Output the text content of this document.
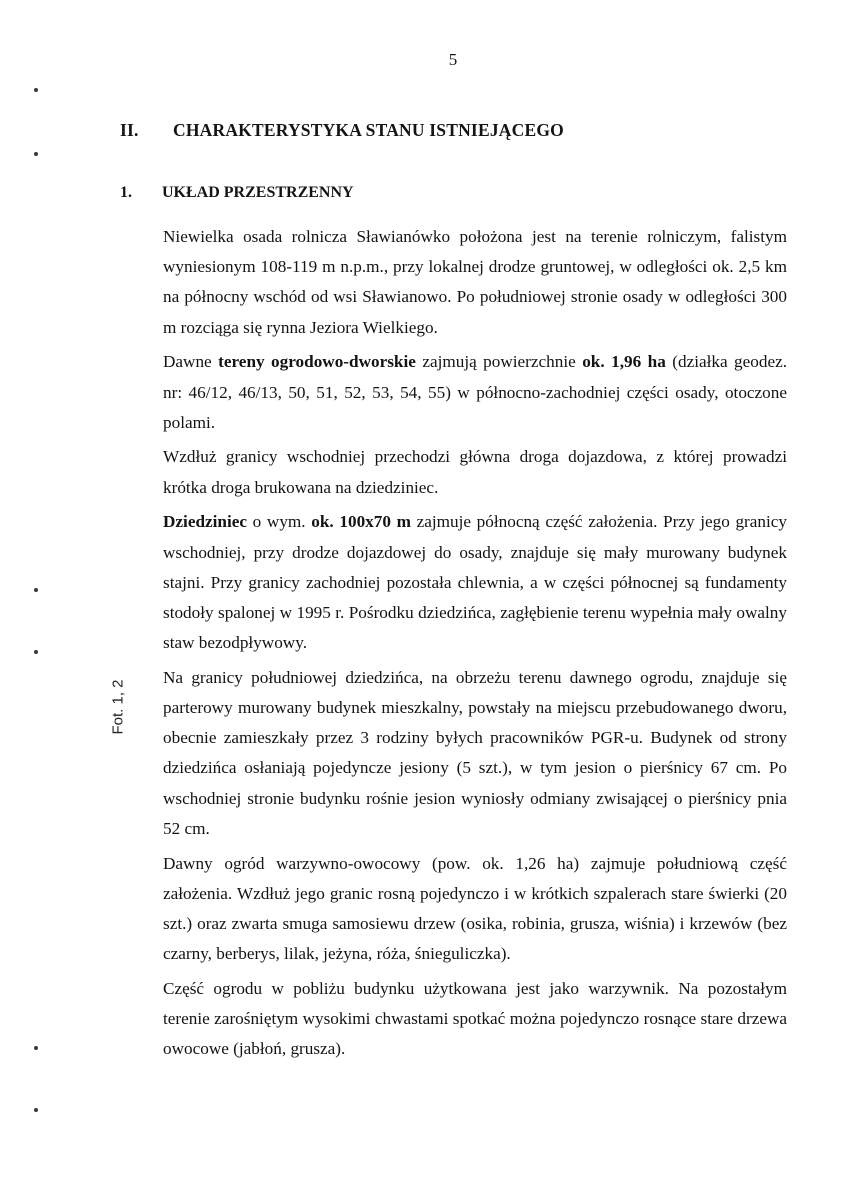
5
II. CHARAKTERYSTYKA STANU ISTNIEJĄCEGO
1. UKŁAD PRZESTRZENNY
Fot. 1, 2

Niewielka osada rolnicza Sławianówko położona jest na terenie rolniczym, falistym wyniesionym 108-119 m n.p.m., przy lokalnej drodze gruntowej, w odległości ok. 2,5 km na północny wschód od wsi Sławianowo. Po południowej stronie osady w odległości 300 m rozciąga się rynna Jeziora Wielkiego.

Dawne tereny ogrodowo-dworskie zajmują powierzchnie ok. 1,96 ha (działka geodez. nr: 46/12, 46/13, 50, 51, 52, 53, 54, 55) w północno-zachodniej części osady, otoczone polami.

Wzdłuż granicy wschodniej przechodzi główna droga dojazdowa, z której prowadzi krótka droga brukowana na dziedziniec.

Dziedziniec o wym. ok. 100x70 m zajmuje północną część założenia. Przy jego granicy wschodniej, przy drodze dojazdowej do osady, znajduje się mały murowany budynek stajni. Przy granicy zachodniej pozostała chlewnia, a w części północnej są fundamenty stodoły spalonej w 1995 r. Pośrodku dziedzińca, zagłębienie terenu wypełnia mały owalny staw bezodpływowy.

Na granicy południowej dziedzińca, na obrzeżu terenu dawnego ogrodu, znajduje się parterowy murowany budynek mieszkalny, powstały na miejscu przebudowanego dworu, obecnie zamieszkały przez 3 rodziny byłych pracowników PGR-u. Budynek od strony dziedzińca osłaniają pojedyncze jesiony (5 szt.), w tym jesion o pierśnicy 67 cm. Po wschodniej stronie budynku rośnie jesion wyniosły odmiany zwisającej o pierśnicy pnia 52 cm.

Dawny ogród warzywno-owocowy (pow. ok. 1,26 ha) zajmuje południową część założenia. Wzdłuż jego granic rosną pojedynczo i w krótkich szpalerach stare świerki (20 szt.) oraz zwarta smuga samosiewu drzew (osika, robinia, grusza, wiśnia) i krzewów (bez czarny, berberys, lilak, jeżyna, róża, śnieguliczka).

Część ogrodu w pobliżu budynku użytkowana jest jako warzywnik. Na pozostałym terenie zarośniętym wysokimi chwastami spotkać można pojedynczo rosnące stare drzewa owocowe (jabłoń, grusza).
